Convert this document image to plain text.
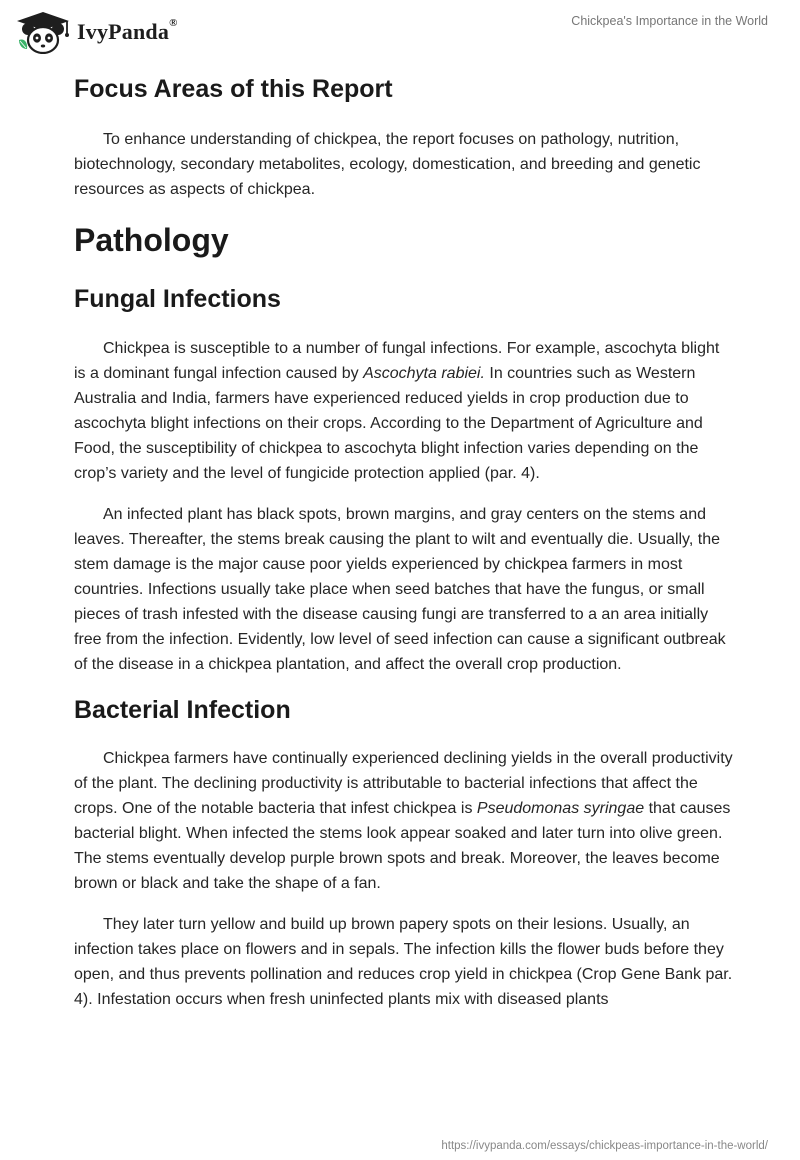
IvyPanda®	Chickpea's Importance in the World
Focus Areas of this Report

To enhance understanding of chickpea, the report focuses on pathology, nutrition, biotechnology, secondary metabolites, ecology, domestication, and breeding and genetic resources as aspects of chickpea.

Pathology
Fungal Infections

Chickpea is susceptible to a number of fungal infections. For example, ascochyta blight is a dominant fungal infection caused by Ascochyta rabiei. In countries such as Western Australia and India, farmers have experienced reduced yields in crop production due to ascochyta blight infections on their crops. According to the Department of Agriculture and Food, the susceptibility of chickpea to ascochyta blight infection varies depending on the crop’s variety and the level of fungicide protection applied (par. 4).

An infected plant has black spots, brown margins, and gray centers on the stems and leaves. Thereafter, the stems break causing the plant to wilt and eventually die. Usually, the stem damage is the major cause poor yields experienced by chickpea farmers in most countries. Infections usually take place when seed batches that have the fungus, or small pieces of trash infested with the disease causing fungi are transferred to a an area initially free from the infection. Evidently, low level of seed infection can cause a significant outbreak of the disease in a chickpea plantation, and affect the overall crop production.

Bacterial Infection

Chickpea farmers have continually experienced declining yields in the overall productivity of the plant. The declining productivity is attributable to bacterial infections that affect the crops. One of the notable bacteria that infest chickpea is Pseudomonas syringae that causes bacterial blight. When infected the stems look appear soaked and later turn into olive green. The stems eventually develop purple brown spots and break. Moreover, the leaves become brown or black and take the shape of a fan.

They later turn yellow and build up brown papery spots on their lesions. Usually, an infection takes place on flowers and in sepals. The infection kills the flower buds before they open, and thus prevents pollination and reduces crop yield in chickpea (Crop Gene Bank par. 4). Infestation occurs when fresh uninfected plants mix with diseased plants

https://ivypanda.com/essays/chickpeas-importance-in-the-world/
